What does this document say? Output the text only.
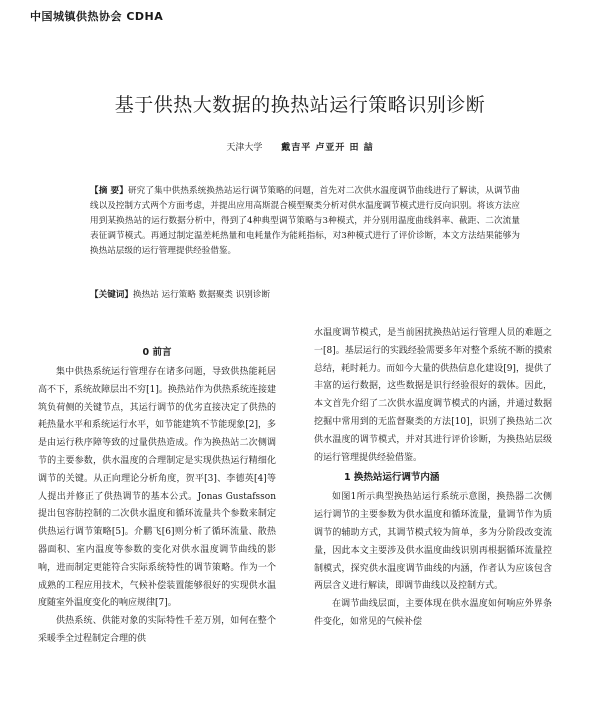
中国城镇供热协会 CDHA
基于供热大数据的换热站运行策略识别诊断
天津大学 戴吉平 卢亚开 田 喆
【摘 要】研究了集中供热系统换热站运行调节策略的问题，首先对二次供水温度调节曲线进行了解读，从调节曲线以及控制方式两个方面考虑，并提出应用高斯混合模型聚类分析对供水温度调节模式进行反向识别。将该方法应用到某换热站的运行数据分析中，得到了4种典型调节策略与3种模式，并分别用温度曲线斜率、截距、二次流量表征调节模式。再通过制定温差耗热量和电耗量作为能耗指标，对3种模式进行了评价诊断，本文方法结果能够为换热站层级的运行管理提供经验借鉴。
【关键词】换热站 运行策略 数据聚类 识别诊断
0 前言

集中供热系统运行管理存在诸多问题，导致供热能耗居高不下，系统故障层出不穷[1]。换热站作为供热系统连接建筑负荷侧的关键节点，其运行调节的优劣直接决定了供热的耗热量水平和系统运行水平，如节能建筑不节能现象[2]，多是由运行秩序障等致的过量供热造成。作为换热站二次侧调节的主要参数，供水温度的合理制定是实现供热运行精细化调节的关键。从正向理论分析角度，贺平[3]、李德英[4]等人提出并修正了供热调节的基本公式。Jonas Gustafsson提出包容肪控制的二次供水温度和循环流量共个参数来制定供热运行调节策略[5]。介鹏飞[6]则分析了循环流量、散热器面积、室内温度等参数的变化对供水温度调节曲线的影响，进而制定更能符合实际系统特性的调节策略。作为一个成熟的工程应用技术，气候补偿装置能够很好的实现供水温度随室外温度变化的响应规律[7]。

供热系统、供能对象的实际特性千差万别，如何在整个采暖季全过程制定合理的供

水温度调节模式，是当前困扰换热站运行管理人员的难题之一[8]。基层运行的实践经验需要多年对整个系统不断的摸索总结，耗时耗力。而如今大量的供热信息化建设[9]，提供了丰富的运行数据，这些数据是识行经验很好的载体。因此，本文首先介绍了二次供水温度调节模式的内涵，并通过数据挖掘中常用到的无监督聚类的方法[10]，识别了换热站二次供水温度的调节模式，并对其进行评价诊断，为换热站层级的运行管理提供经验借鉴。

1 换热站运行调节内涵

如图1所示典型换热站运行系统示意图，换热器二次侧运行调节的主要参数为供水温度和循环流量，量调节作为质调节的辅助方式，其调节模式较为简单，多为分阶段改变流量，因此本文主要涉及供水温度曲线识别再根据循环流量控制模式，探究供水温度调节曲线的内涵，作者认为应该包含两层含义进行解读，即调节曲线以及控制方式。

在调节曲线层面，主要体现在供水温度如何响应外界条件变化，如常见的气候补偿
